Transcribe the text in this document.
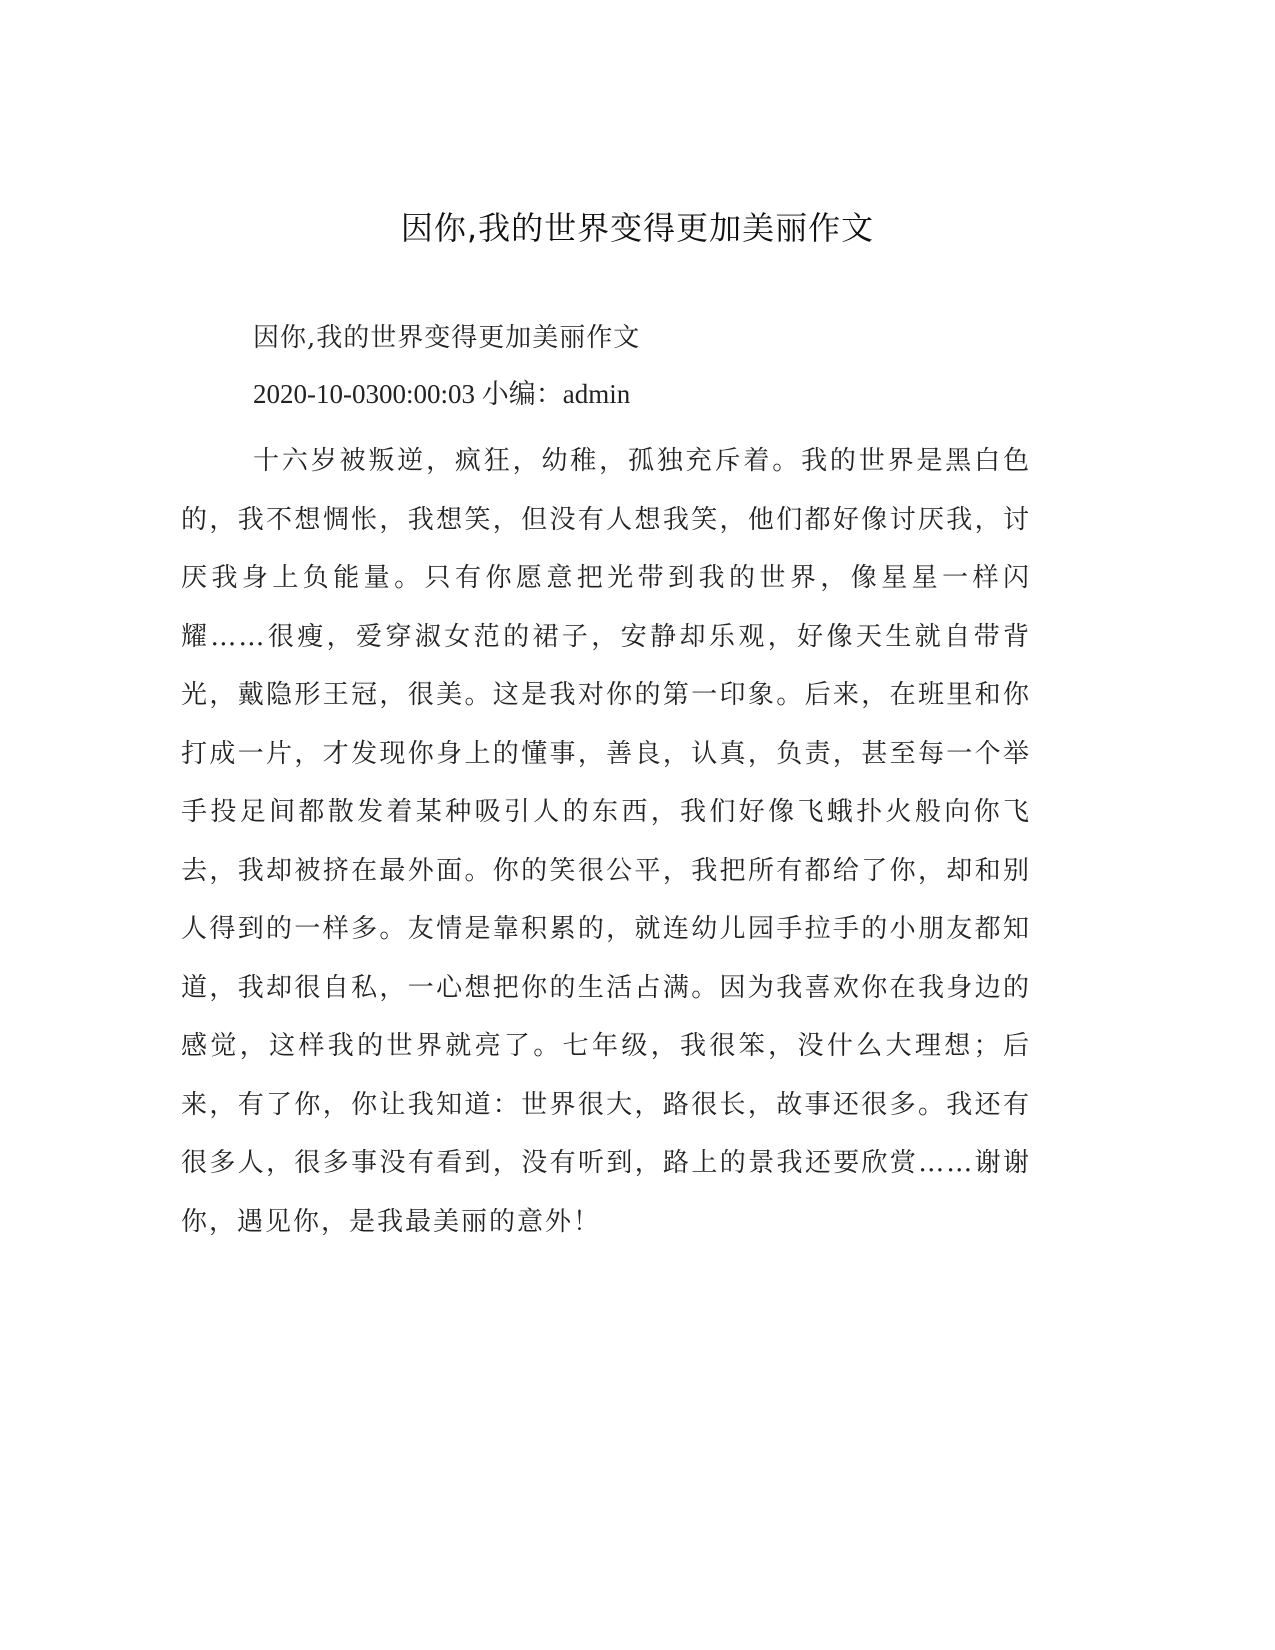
因你,我的世界变得更加美丽作文
因你,我的世界变得更加美丽作文
2020-10-0300:00:03 小编：admin

十六岁被叛逆，疯狂，幼稚，孤独充斥着。我的世界是黑白色的，我不想惆怅，我想笑，但没有人想我笑，他们都好像讨厌我，讨厌我身上负能量。只有你愿意把光带到我的世界，像星星一样闪耀……很瘦，爱穿淑女范的裙子，安静却乐观，好像天生就自带背光，戴隐形王冠，很美。这是我对你的第一印象。后来，在班里和你打成一片，才发现你身上的懂事，善良，认真，负责，甚至每一个举手投足间都散发着某种吸引人的东西，我们好像飞蛾扑火般向你飞去，我却被挤在最外面。你的笑很公平，我把所有都给了你，却和别人得到的一样多。友情是靠积累的，就连幼儿园手拉手的小朋友都知道，我却很自私，一心想把你的生活占满。因为我喜欢你在我身边的感觉，这样我的世界就亮了。七年级，我很笨，没什么大理想；后来，有了你，你让我知道：世界很大，路很长，故事还很多。我还有很多人，很多事没有看到，没有听到，路上的景我还要欣赏……谢谢你，遇见你，是我最美丽的意外！
